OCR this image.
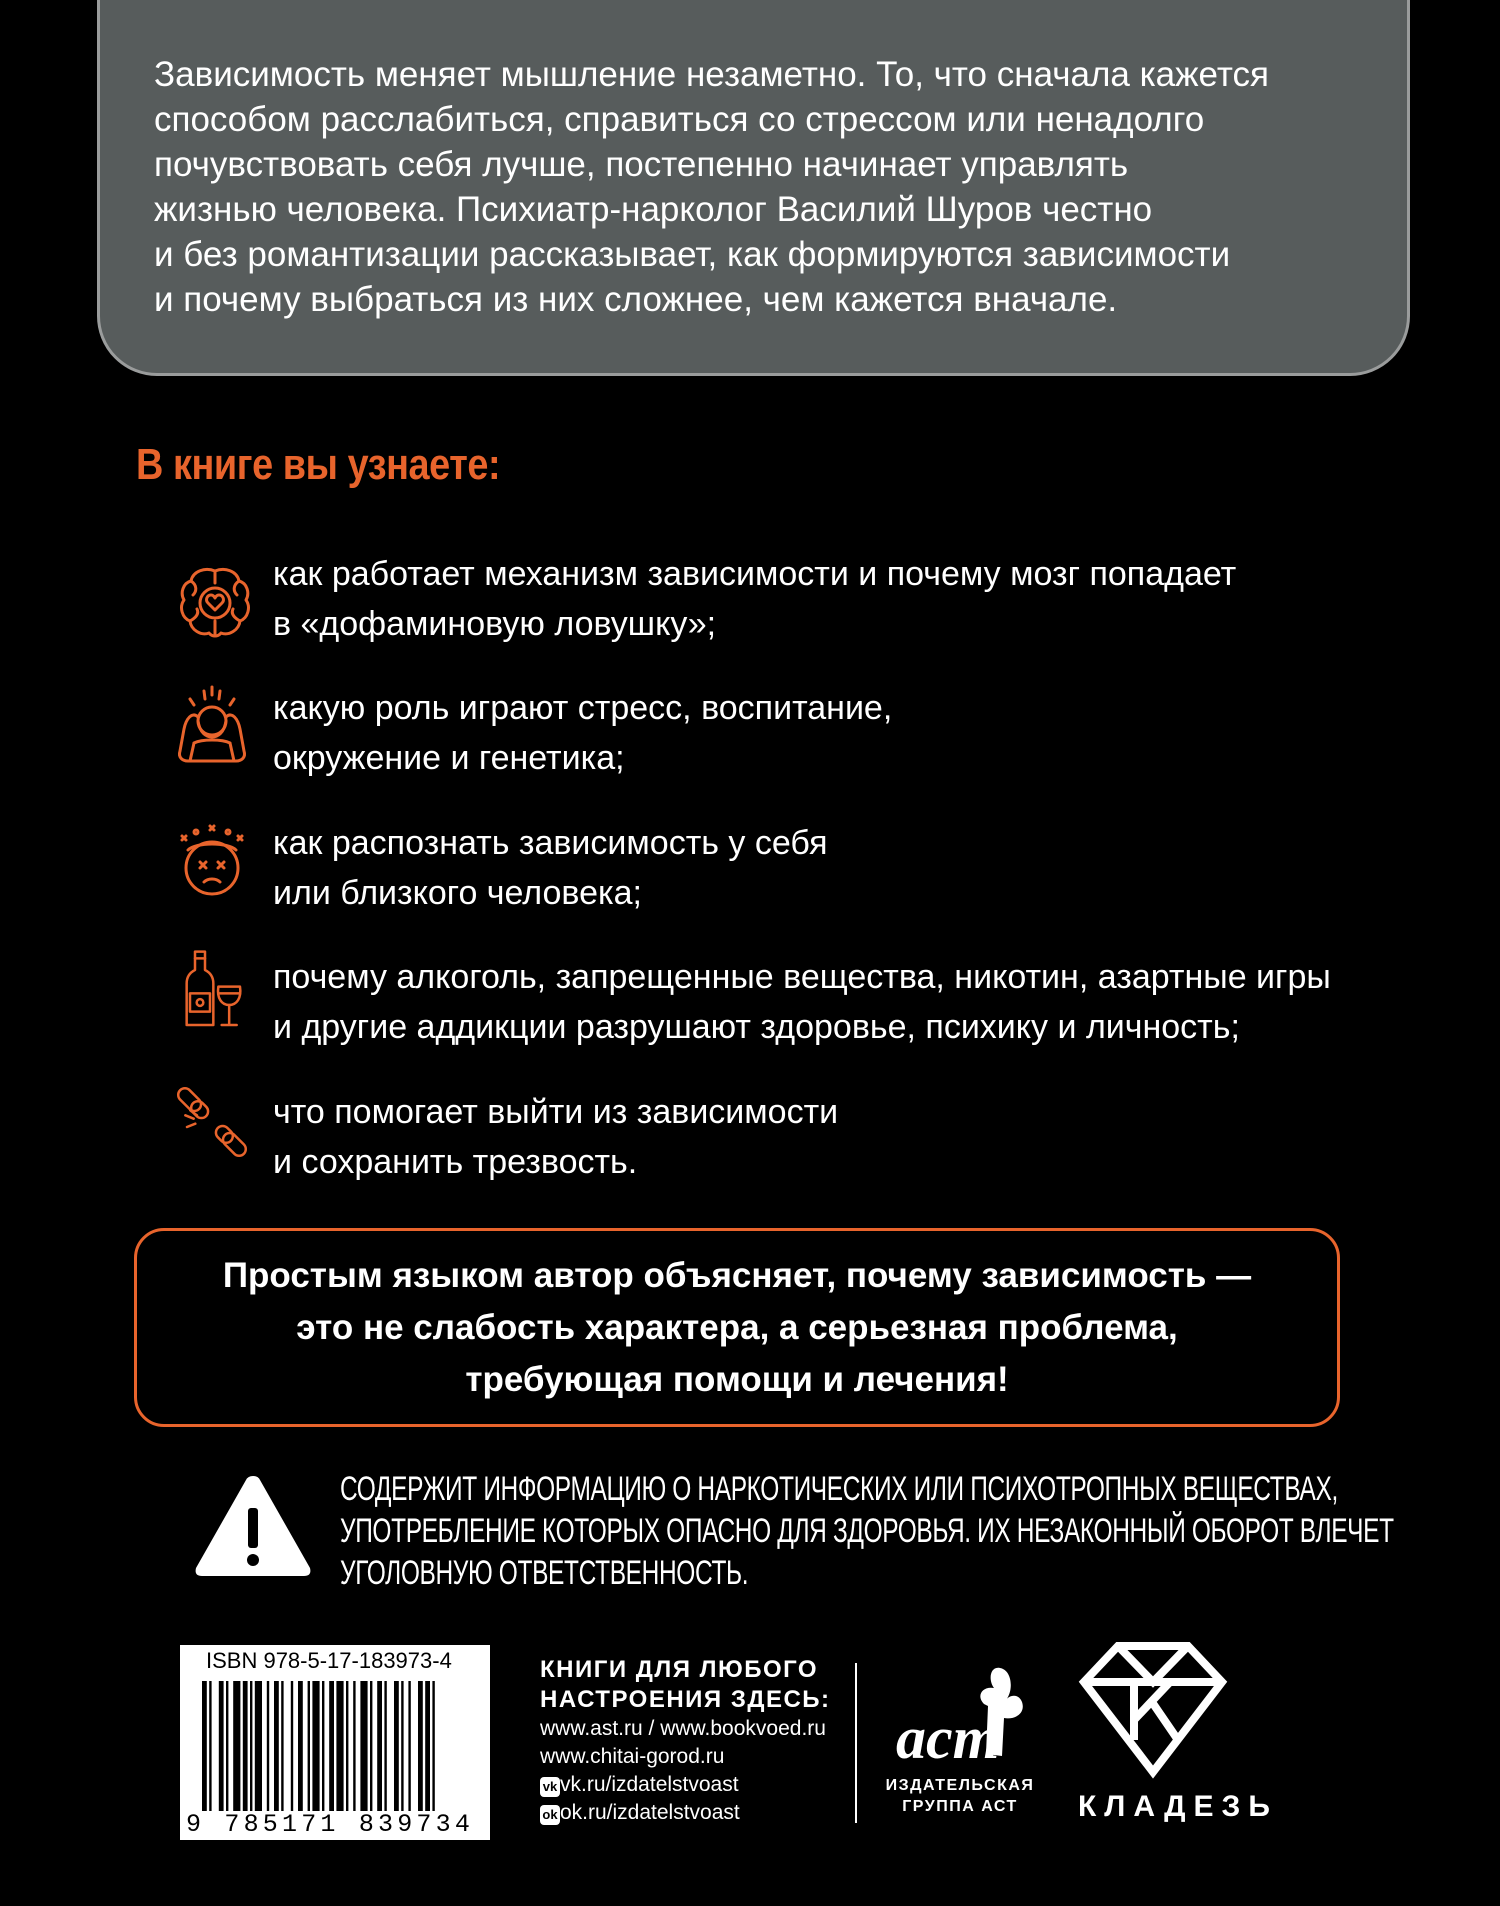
Зависимость меняет мышление незаметно. То, что сначала кажется
способом расслабиться, справиться со стрессом или ненадолго
почувствовать себя лучше, постепенно начинает управлять
жизнью человека. Психиатр-нарколог Василий Шуров честно
и без романтизации рассказывает, как формируются зависимости
и почему выбраться из них сложнее, чем кажется вначале.

В книге вы узнаете:
как работает механизм зависимости и почему мозг попадает
в «дофаминовую ловушку»;
какую роль играют стресс, воспитание,
окружение и генетика;
как распознать зависимость у себя
или близкого человека;
почему алкоголь, запрещенные вещества, никотин, азартные игры
и другие аддикции разрушают здоровье, психику и личность;
что помогает выйти из зависимости
и сохранить трезвость.
Простым языком автор объясняет, почему зависимость —
это не слабость характера, а серьезная проблема,
требующая помощи и лечения!
СОДЕРЖИТ ИНФОРМАЦИЮ О НАРКОТИЧЕСКИХ ИЛИ ПСИХОТРОПНЫХ ВЕЩЕСТВАХ,
УПОТРЕБЛЕНИЕ КОТОРЫХ ОПАСНО ДЛЯ ЗДОРОВЬЯ. ИХ НЕЗАКОННЫЙ ОБОРОТ ВЛЕЧЕТ
УГОЛОВНУЮ ОТВЕТСТВЕННОСТЬ.
ISBN 978-5-17-183973-4
9 785171 839734
КНИГИ ДЛЯ ЛЮБОГО
НАСТРОЕНИЯ ЗДЕСЬ:
www.ast.ru / www.bookvoed.ru
www.chitai-gorod.ru
vk vk.ru/izdatelstvoast
ok ok.ru/izdatelstvoast
аст
ИЗДАТЕЛЬСКАЯ
ГРУППА АСТ	КЛАДЕЗЬ
